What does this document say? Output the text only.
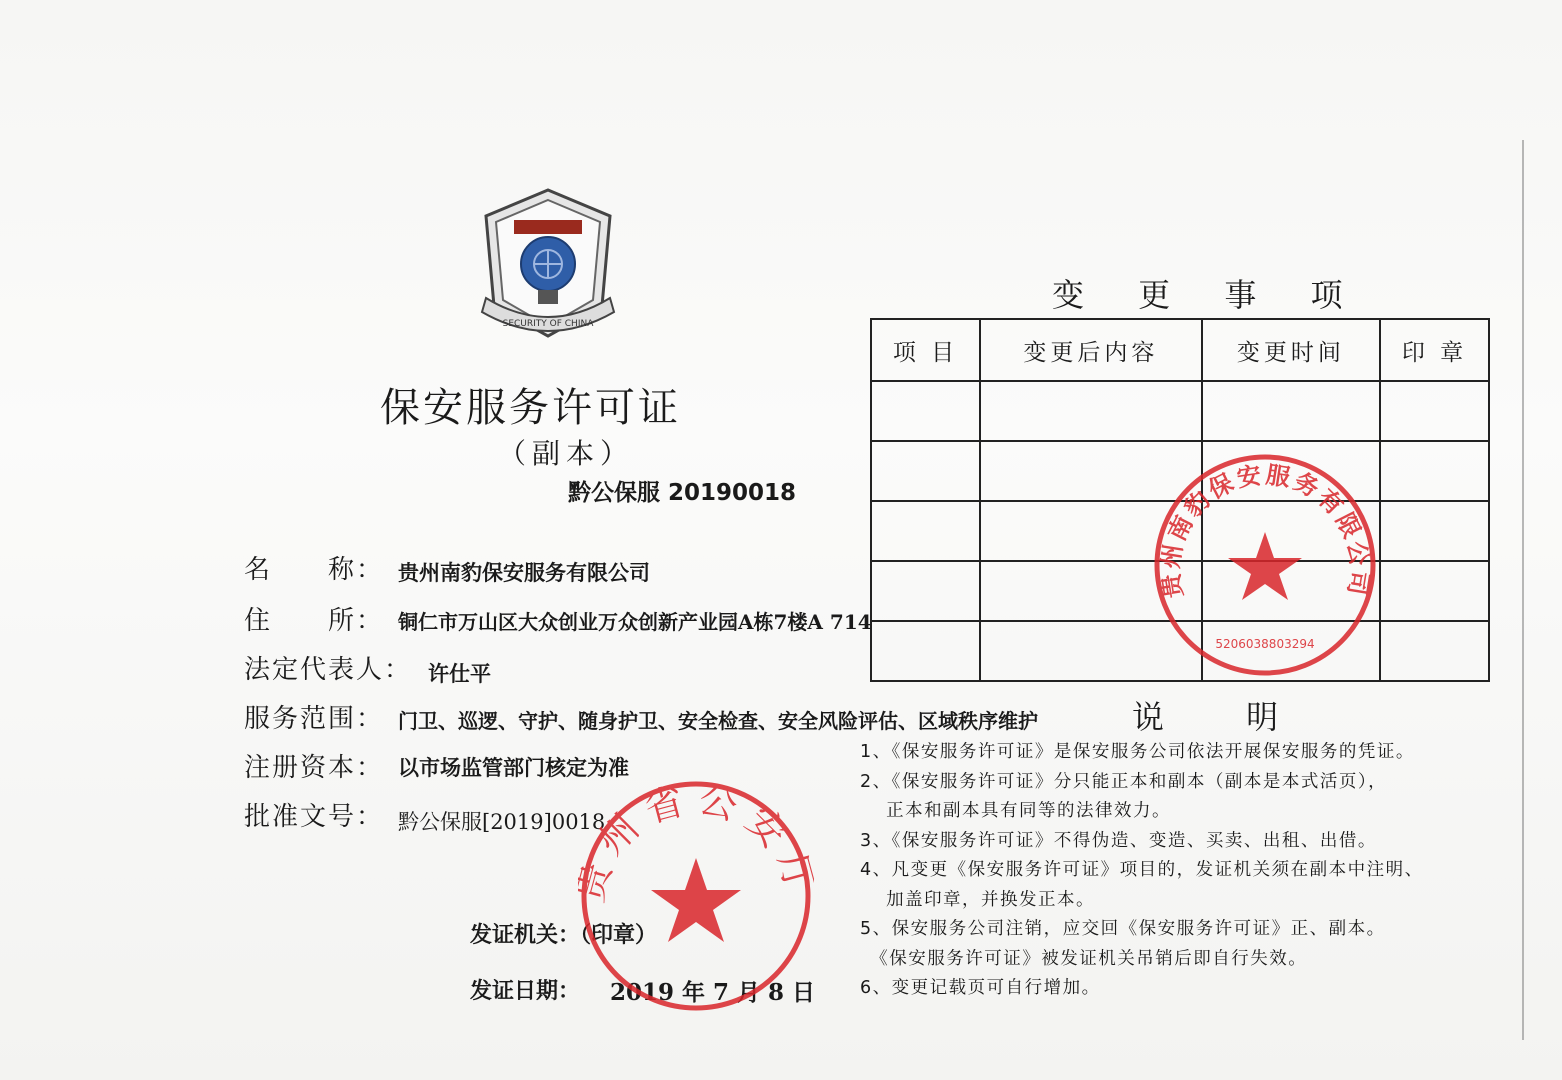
SECURITY OF CHINA
保安服务许可证
（副本）
黔公保服 20190018
名　　称： 贵州南豹保安服务有限公司
住　　所： 铜仁市万山区大众创业万众创新产业园A栋7楼A 714
法定代表人： 许仕平
服务范围： 门卫、巡逻、守护、随身护卫、安全检查、安全风险评估、区域秩序维护
注册资本： 以市场监管部门核定为准
批准文号： 黔公保服[2019]0018
发证机关：（印章）
发证日期： 2019 年 7 月 8 日
变 更 事 项
项 目	变更后内容	变更时间	印 章

说 明
1、《保安服务许可证》是保安服务公司依法开展保安服务的凭证。
2、《保安服务许可证》分只能正本和副本（副本是本式活页），
　 正本和副本具有同等的法律效力。
3、《保安服务许可证》不得伪造、变造、买卖、出租、出借。
4、凡变更《保安服务许可证》项目的，发证机关须在副本中注明、
　 加盖印章，并换发正本。
5、保安服务公司注销，应交回《保安服务许可证》正、副本。
　《保安服务许可证》被发证机关吊销后即自行失效。
6、变更记载页可自行增加。
贵州南豹保安服务有限公司
5206038803294
州省公安
